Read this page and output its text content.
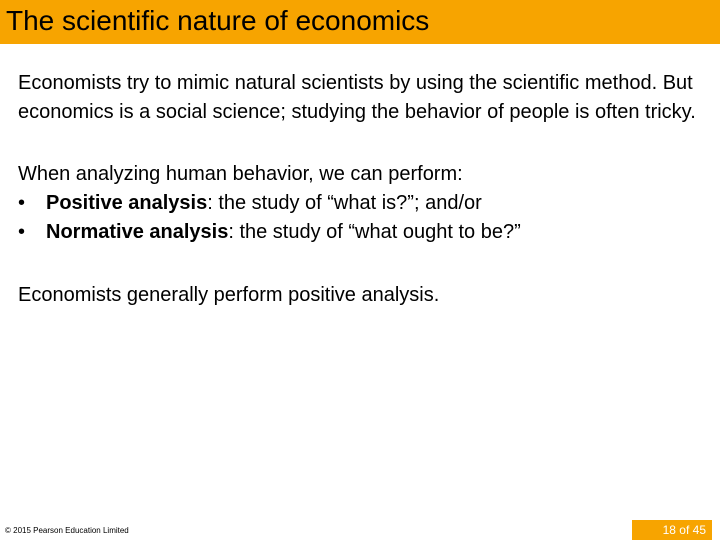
The scientific nature of economics

Economists try to mimic natural scientists by using the scientific method. But economics is a social science; studying the behavior of people is often tricky.

When analyzing human behavior, we can perform:

•	Positive analysis: the study of “what is?”; and/or
•	Normative analysis: the study of “what ought to be?”

Economists generally perform positive analysis.

© 2015 Pearson Education Limited	18 of 45
